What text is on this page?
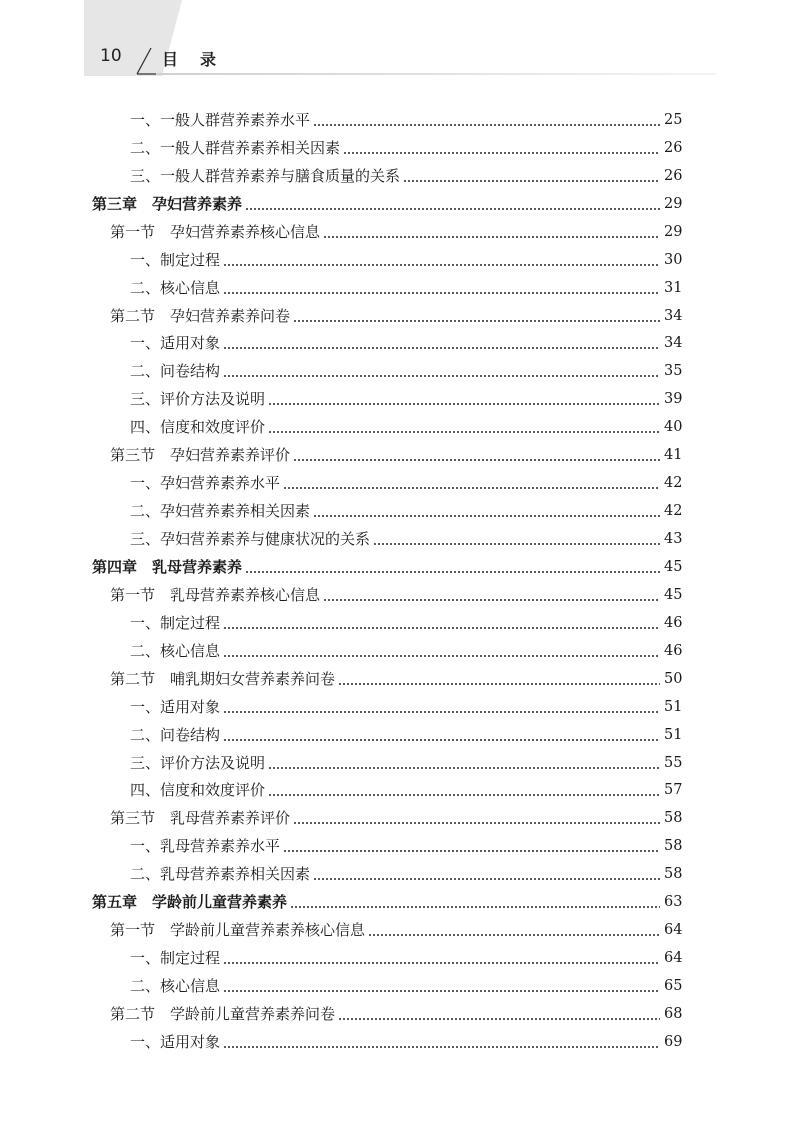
10	目录
一、一般人群营养素养水平	25
二、一般人群营养素养相关因素	26
三、一般人群营养素养与膳食质量的关系	26
第三章　孕妇营养素养	29
第一节　孕妇营养素养核心信息	29
一、制定过程	30
二、核心信息	31
第二节　孕妇营养素养问卷	34
一、适用对象	34
二、问卷结构	35
三、评价方法及说明	39
四、信度和效度评价	40
第三节　孕妇营养素养评价	41
一、孕妇营养素养水平	42
二、孕妇营养素养相关因素	42
三、孕妇营养素养与健康状况的关系	43
第四章　乳母营养素养	45
第一节　乳母营养素养核心信息	45
一、制定过程	46
二、核心信息	46
第二节　哺乳期妇女营养素养问卷	50
一、适用对象	51
二、问卷结构	51
三、评价方法及说明	55
四、信度和效度评价	57
第三节　乳母营养素养评价	58
一、乳母营养素养水平	58
二、乳母营养素养相关因素	58
第五章　学龄前儿童营养素养	63
第一节　学龄前儿童营养素养核心信息	64
一、制定过程	64
二、核心信息	65
第二节　学龄前儿童营养素养问卷	68
一、适用对象	69
